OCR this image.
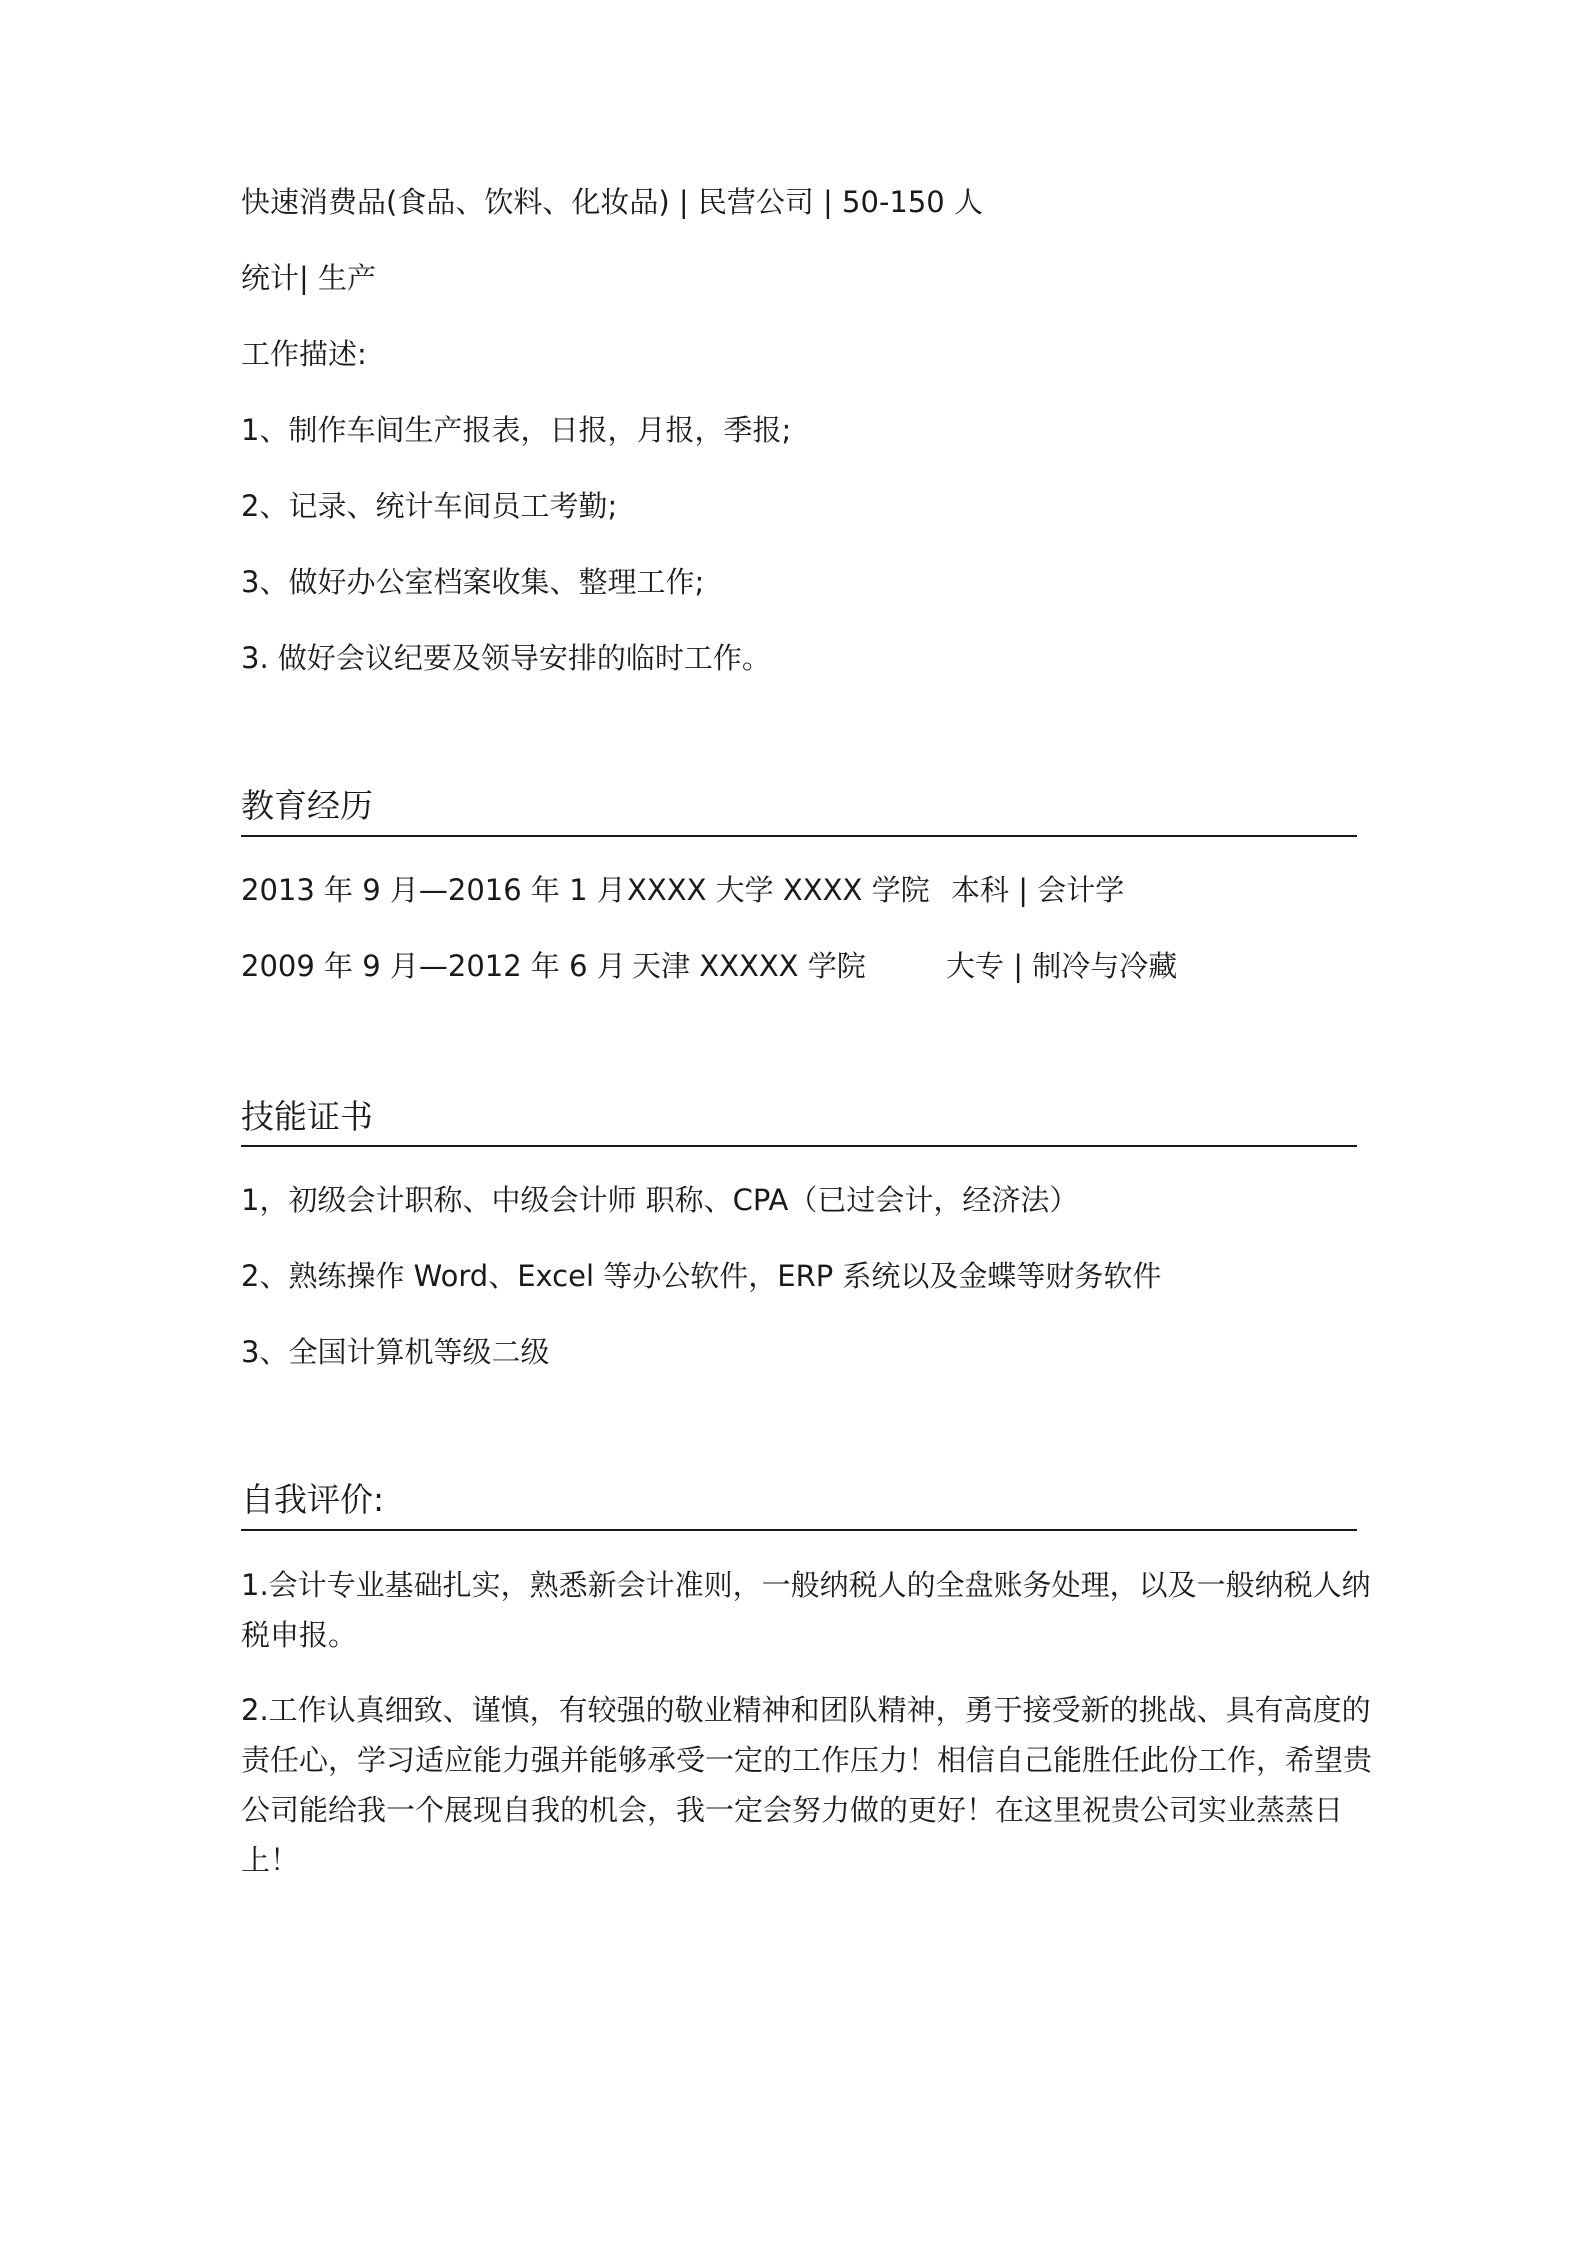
快速消费品(食品、饮料、化妆品) | 民营公司 | 50-150 人
统计| 生产
工作描述:
1、制作车间生产报表，日报，月报，季报;
2、记录、统计车间员工考勤;
3、做好办公室档案收集、整理工作;
3. 做好会议纪要及领导安排的临时工作。
教育经历
2013 年 9 月—2016 年 1 月 XXXX 大学 XXXX 学院 本科 | 会计学
2009 年 9 月—2012 年 6 月 天津 XXXXX 学院	大专 | 制冷与冷藏
技能证书
1，初级会计职称、中级会计师 职称、CPA（已过会计，经济法）
2、熟练操作 Word、Excel 等办公软件，ERP 系统以及金蝶等财务软件
3、全国计算机等级二级
自我评价:
1.会计专业基础扎实，熟悉新会计准则，一般纳税人的全盘账务处理，以及一般纳税人纳税申报。
2.工作认真细致、谨慎，有较强的敬业精神和团队精神，勇于接受新的挑战、具有高度的责任心，学习适应能力强并能够承受一定的工作压力！相信自己能胜任此份工作，希望贵公司能给我一个展现自我的机会，我一定会努力做的更好！在这里祝贵公司实业蒸蒸日上！
